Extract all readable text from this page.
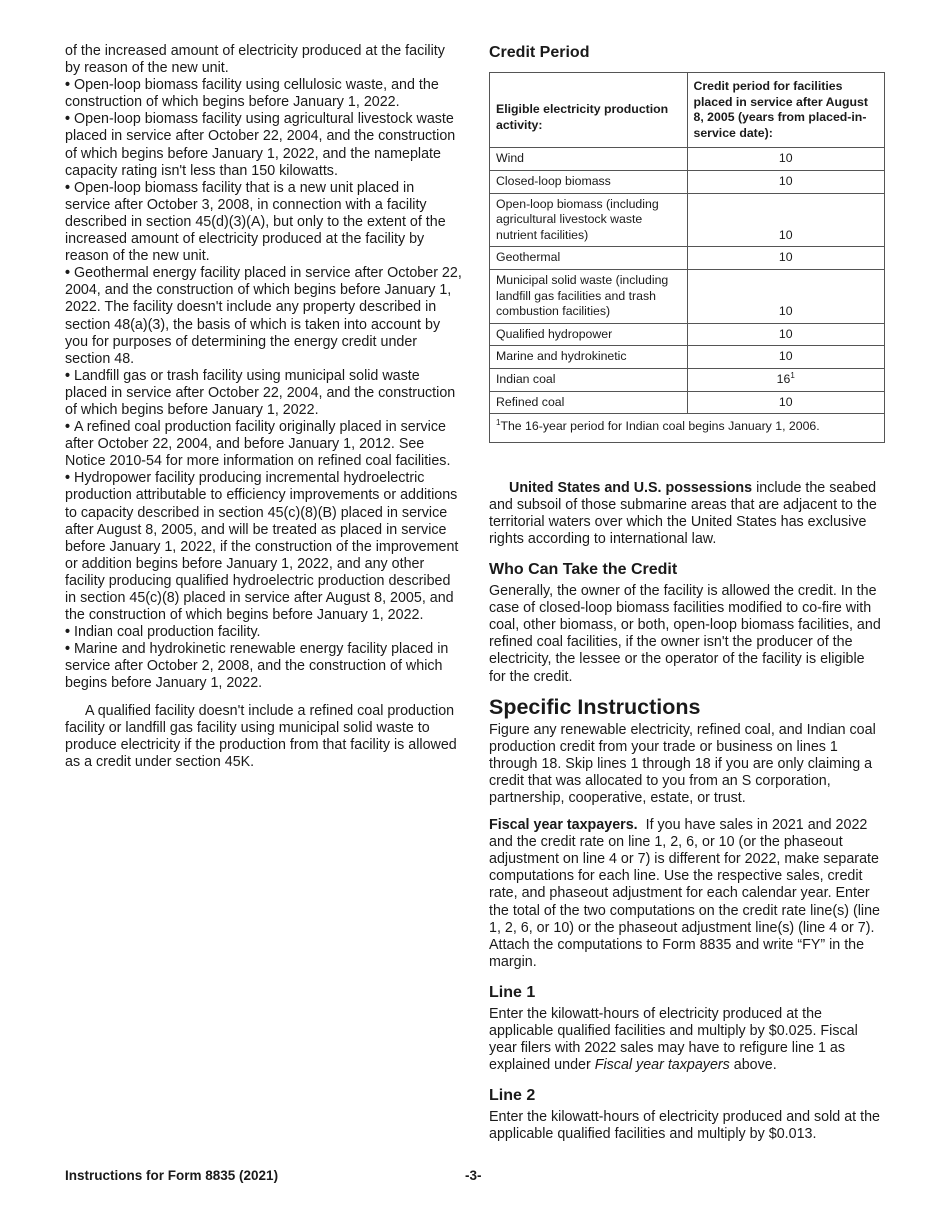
of the increased amount of electricity produced at the facility by reason of the new unit.

• Open-loop biomass facility using cellulosic waste, and the construction of which begins before January 1, 2022.

• Open-loop biomass facility using agricultural livestock waste placed in service after October 22, 2004, and the construction of which begins before January 1, 2022, and the nameplate capacity rating isn't less than 150 kilowatts.

• Open-loop biomass facility that is a new unit placed in service after October 3, 2008, in connection with a facility described in section 45(d)(3)(A), but only to the extent of the increased amount of electricity produced at the facility by reason of the new unit.

• Geothermal energy facility placed in service after October 22, 2004, and the construction of which begins before January 1, 2022. The facility doesn't include any property described in section 48(a)(3), the basis of which is taken into account by you for purposes of determining the energy credit under section 48.

• Landfill gas or trash facility using municipal solid waste placed in service after October 22, 2004, and the construction of which begins before January 1, 2022.

• A refined coal production facility originally placed in service after October 22, 2004, and before January 1, 2012. See Notice 2010-54 for more information on refined coal facilities.

• Hydropower facility producing incremental hydroelectric production attributable to efficiency improvements or additions to capacity described in section 45(c)(8)(B) placed in service after August 8, 2005, and will be treated as placed in service before January 1, 2022, if the construction of the improvement or addition begins before January 1, 2022, and any other facility producing qualified hydroelectric production described in section 45(c)(8) placed in service after August 8, 2005, and the construction of which begins before January 1, 2022.

• Indian coal production facility.

• Marine and hydrokinetic renewable energy facility placed in service after October 2, 2008, and the construction of which begins before January 1, 2022.

A qualified facility doesn't include a refined coal production facility or landfill gas facility using municipal solid waste to produce electricity if the production from that facility is allowed as a credit under section 45K.

Credit Period
Eligible electricity production activity:	Credit period for facilities placed in service after August 8, 2005 (years from placed-in-service date):
Wind	10
Closed-loop biomass	10
Open-loop biomass (including agricultural livestock waste nutrient facilities)	10
Geothermal	10
Municipal solid waste (including landfill gas facilities and trash combustion facilities)	10
Qualified hydropower	10
Marine and hydrokinetic	10
Indian coal	$16^1$
Refined coal	10
$^1$The 16-year period for Indian coal begins January 1, 2006.	

United States and U.S. possessions include the seabed and subsoil of those submarine areas that are adjacent to the territorial waters over which the United States has exclusive rights according to international law.

Who Can Take the Credit

Generally, the owner of the facility is allowed the credit. In the case of closed-loop biomass facilities modified to co-fire with coal, other biomass, or both, open-loop biomass facilities, and refined coal facilities, if the owner isn't the producer of the electricity, the lessee or the operator of the facility is eligible for the credit.

Specific Instructions

Figure any renewable electricity, refined coal, and Indian coal production credit from your trade or business on lines 1 through 18. Skip lines 1 through 18 if you are only claiming a credit that was allocated to you from an S corporation, partnership, cooperative, estate, or trust.

Fiscal year taxpayers. If you have sales in 2021 and 2022 and the credit rate on line 1, 2, 6, or 10 (or the phaseout adjustment on line 4 or 7) is different for 2022, make separate computations for each line. Use the respective sales, credit rate, and phaseout adjustment for each calendar year. Enter the total of the two computations on the credit rate line(s) (line 1, 2, 6, or 10) or the phaseout adjustment line(s) (line 4 or 7). Attach the computations to Form 8835 and write “FY” in the margin.

Line 1

Enter the kilowatt-hours of electricity produced at the applicable qualified facilities and multiply by $0.025. Fiscal year filers with 2022 sales may have to refigure line 1 as explained under Fiscal year taxpayers above.

Line 2

Enter the kilowatt-hours of electricity produced and sold at the applicable qualified facilities and multiply by $0.013.

Instructions for Form 8835 (2021)	-3-
